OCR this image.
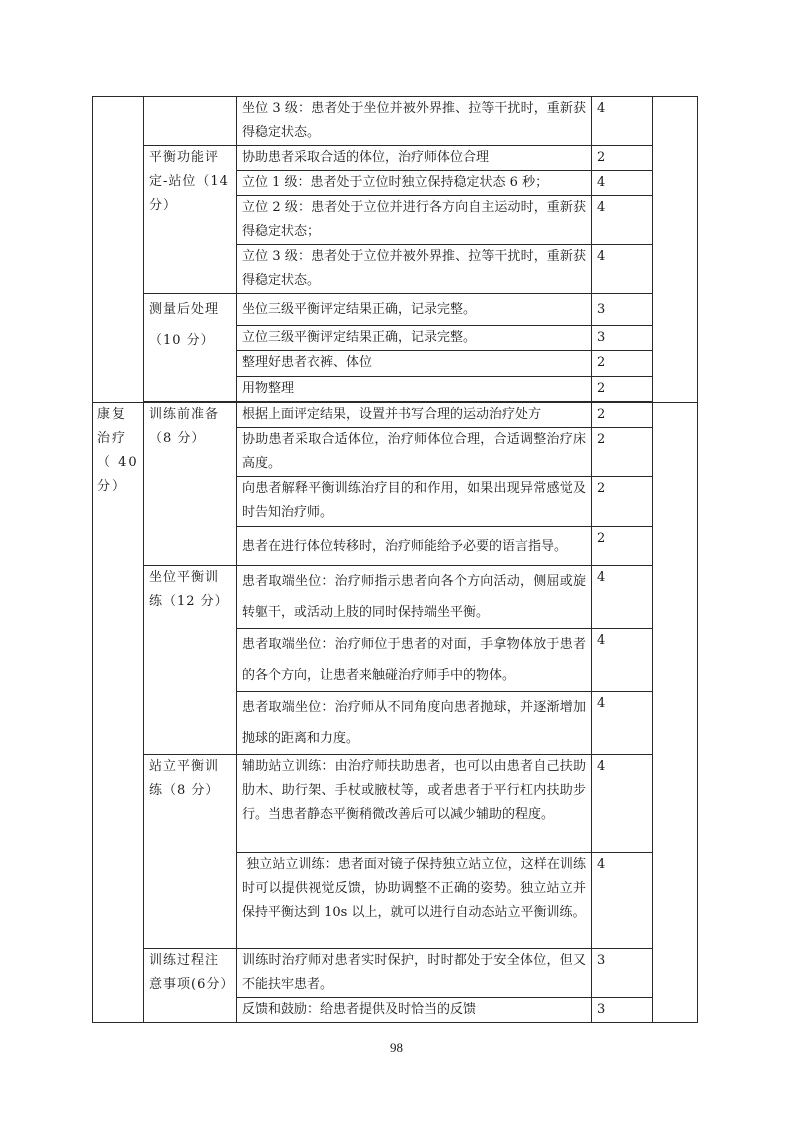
		坐位 3 级：患者处于坐位并被外界推、拉等干扰时，重新获得稳定状态。	4	
	平衡功能评定-站位（14分）	协助患者采取合适的体位，治疗师体位合理	2	
		立位 1 级：患者处于立位时独立保持稳定状态 6 秒；	4	
		立位 2 级：患者处于立位并进行各方向自主运动时，重新获得稳定状态；	4	
		立位 3 级：患者处于立位并被外界推、拉等干扰时，重新获得稳定状态。	4	
	测量后处理（10 分）	坐位三级平衡评定结果正确，记录完整。	3	
		立位三级平衡评定结果正确，记录完整。	3	
		整理好患者衣裤、体位	2	
		用物整理	2	

康复治疗（ 40 分）	训练前准备（8 分）	根据上面评定结果，设置并书写合理的运动治疗处方	2	
		协助患者采取合适体位，治疗师体位合理，合适调整治疗床高度。	2	
		向患者解释平衡训练治疗目的和作用，如果出现异常感觉及时告知治疗师。	2	
		患者在进行体位转移时，治疗师能给予必要的语言指导。	2	
	坐位平衡训练（12 分）	患者取端坐位：治疗师指示患者向各个方向活动，侧屈或旋转躯干，或活动上肢的同时保持端坐平衡。	4	
		患者取端坐位：治疗师位于患者的对面，手拿物体放于患者的各个方向，让患者来触碰治疗师手中的物体。	4	
		患者取端坐位：治疗师从不同角度向患者抛球，并逐渐增加抛球的距离和力度。	4	
	站立平衡训练（8 分）	辅助站立训练：由治疗师扶助患者，也可以由患者自己扶助肋木、助行架、手杖或腋杖等，或者患者于平行杠内扶助步行。当患者静态平衡稍微改善后可以减少辅助的程度。	4	
		独立站立训练：患者面对镜子保持独立站立位，这样在训练时可以提供视觉反馈，协助调整不正确的姿势。独立站立并保持平衡达到 10s 以上，就可以进行自动态站立平衡训练。	4	
	训练过程注意事项(6分）	训练时治疗师对患者实时保护，时时都处于安全体位，但又不能扶牢患者。	3	
		反馈和鼓励：给患者提供及时恰当的反馈	3	
98
